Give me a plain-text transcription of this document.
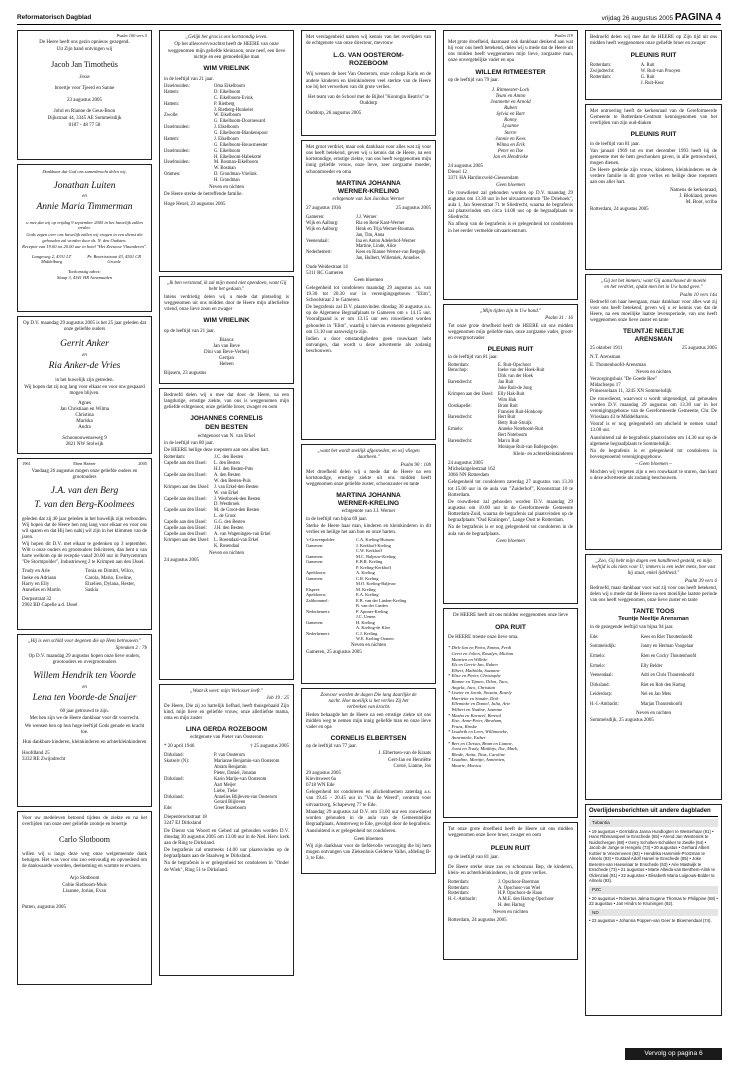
Reformatorisch Dagblad	vrijdag 26 augustus 2005 PAGINA 4
Psalm 100 vers 5

De Heere heeft ons gezin opnieuw gezegend.

Uit Zijn hand ontvingen wij

Jacob Jan Timotheüs

Jesse

broertje voor Tjeerd en Sanne

23 augustus 2005

Johri en Rianne de Geus-Boon

Dijkstraat 44, 3345 AE Sommelsdijk

0187 - 48 77 58

Dankbaar dat God ons samenbracht delen wij,

Jonathan Luiten

en

Annie Maria Timmerman

u mee,dat wij op vrijdag 9 september 2005 in het huwelijk zullen treden.

Gods zegen over ons huwelijk zullen wij vragen in een dienst die gehouden zal worden door ds. N. den Oudsten.

Receptie van 19.00 tot 20.00 uur in hotel "Het Zeeuwse Vlaanderen".

Langeweg 2, 4331 LT Middelburg
Pr. Beatrixstraat 43, 4501 CR Groede

Toekomstig adres:

Slaap 3, 4341 HR Arnemuiden

Op D.V. maandag 29 augustus 2005 is het 25 jaar geleden dat onze geliefde ouders

Gerrit Anker

en

Ria Anker-de Vries

in het huwelijk zijn getreden.

Wij hopen dat zij nog lang voor elkaar en voor ons gespaard mogen blijven.

Agnes
Jan Christiaan en Wilma
Christina
Mariska
Andra

Schoonouwenseweg 9
2821 NW Stolwijk

1961	Eben Haëzer	2005

Vandaag 26 augustus mogen onze geliefde ouders en grootouders

J.A. van den Berg

T. van den Berg-Koolmees

geleden dat zij 40 jaar geleden in het huwelijk zijn verbonden. Wij hopen dat de Heere hen nog lang voor elkaar en voor ons wil sparen en dat Hij hen nabij wil zijn in het klimmen van de jaren.

Wij hopen dit D.V. met elkaar te gedenken op 3 september. Wilt u onze ouders en grootouders feliciteren, dan bent u van harte welkom op de receptie vanaf 20.00 uur in Partycentrum "De Stormpolder", Industrieweg 2 te Krimpen aan den IJssel.

Trudy en Arie
Ineke en Adriaan
Harry en Elly
Annelies en Martin
Tonia en Dimitri, Wilco, Carola, Mario, Eveline, Elzelien, Dylana, Hester, Saskia

Dorpsstraat 32
2902 BD Capelle a.d. IJssel

„Hij is een schild voor degenen die op Hem betrouwen."

Spreuken 2 : 7b

Op D.V. maandag 29 augustus hopen onze lieve ouders, grootouders en overgrootouders

Willem Hendrik ten Voorde

en

Lena ten Voorde-de Snaijer

60 jaar getrouwd te zijn.

Met hen zijn we de Heere dankbaar voor dit voorrecht.

We wensen hen op hun hoge leeftijd Gods genade en kracht toe.

Hun dankbare kinderen, kleinkinderen en achterkleinkinderen

Hoofdland 25
3332 RE Zwijndrecht

Voor uw medeleven betoond tijdens de ziekte en na het overlijden van onze zeer geliefde zoontje en broertje

Carlo Slotboom

willen wij u langs deze weg onze welgemeende dank betuigen. Het was voor ons zoo eenvoudig en opvoedend om de dankwaarde woorden, deelneming en warmte te ervaren.

Arjo Slotboom
Cobie Slotboom-Muis
Lisanne, Jorian, Evan

Putten, augustus 2005

„Gelijk het gras is ons kortstondig leven.

Op het allesovervwachtst heeft de HEERE van onze weggenomen mijn geliefde kleinzoon, onze neef, een lieve nichtje en een gemoedelijke man

WIM VRIELINK

in de leeftijd van 21 jaar.

IJsselmuiden:	Oma Eikelboom
Hattem:	D. Eikelboom
C. Eikelboom-Evink
Hattem:	P. Rietberg
J. Rietberg-Hunkeler
Zwolle:	W. Eikelboom
G. Eikelboom-Doorneward
IJsselmuiden:	J. Eikelboom
G. Eikelboom-Blankenspoor
Hattem:	J. Eikelboom
G. Eikelboom-Bouwmeester
IJsselmuiden:	G. Eikelboom
H. Eikelboom-Habekotté
IJsselmuiden:	M. Bosman-Eikelboom
W. Bosman
Ommen:	D. Grondman-Vrielink
H. Grondman

Neven en nichten

De Heere sterke de betreffende familie.

Hoge Hexel, 23 augustus 2005

„Ik ben verstomd, ik zal mijn mond niet opendoen, want Gij hebt het gedaan."

Intens verdrietig delen wij u mede dat plotseling is weggenomen uit ons midden door de Heere mijn allerliefste vriend, onze lieve zoon en zwager

WIM VRIELINK

op de leeftijd van 21 jaar.

Bianca
Jan van Beve
Dini van Beve-Verheij
Gertjan
Heleen

Bijssem, 23 augustus

Bedroefd delen wij u mee dat door de Heere, na een langdurige, ernstige ziekte, van ons is weggenomen mijn geliefde echtgenoot, onze geliefde broer, zwager en oom

JOHANNES CORNELIS

DEN BESTEN

echtgenoot van N. van Erkel

in de leeftijd van 80 jaar.

De HEERE heilige deze roepstem aan ons allen hart.

Rotterdam:	J.C. den Besten
Capelle aan den IJssel:	L. den Besten
H.J. den Besten-Puts
Capelle aan den IJssel:	A. den Besten
W. den Besten-Puls
Krimpen aan den IJssel:	J. van Erkel-den Besten
W. van Erkel
Capelle aan den IJssel:	J. Westbroek-den Besten
D. Westbroek
Capelle aan den IJssel:	M. de Groot-den Besten
L. de Groot
Capelle aan den IJssel:	G.G. den Besten
Capelle aan den IJssel:	J.H. den Besten
Capelle aan den IJssel:	A. van Wageningen-van Erkel
Krimpen aan den IJssel:	L. Rosendaal-van Erkel
K. Rosendaal

Neven en nichten

24 augustus 2005

„Want ik weet: mijn Verlosser leeft."

Job 19 : 25

De Heere, Die zij zo hartelijk liefhad, heeft thuisgehaald Zijn kind, mijn lieve en geliefde vrouw, onze allerliefste mama, oma en mijn zuster

LINA GERDA ROZEBOOM

echtgenote van Pieter van Oosterom

* 20 april 1946	† 25 augustus 2005
Dirksland:	P. van Oosterom
Skotselv (N):	Marianne Benjamin-van Oosterom
Abram Benjamin
Pieter, Daniel, Jonatan
Dirksland:	Karin Marije-van Oosterom
Aart Meijer
Liebe, Tieke
Dirksland:	Annelies Blijleven-van Oosterom
Gerard Blijleven
Ede:	Greet Rozeboom

Diepenbrockstraat 18
3247 EJ Dirksland

De Dienst van Woord en Gebed zal gehouden worden D.V. dinsdag 30 augustus 2005 om 13.00 uur in de Ned. Herv. kerk aan de Ring te Dirksland.

De begrafenis zal omstreeks 14.00 uur plaatsvinden op de begraafplaats aan de Staalweg te Dirksland.

Na de begrafenis is er gelegenheid tot condoleren in "Onder de Wiek", Ring 51 te Dirksland.

Met verslagenheid namen wij kennis van het overlijden van de echtgenote van onze directeur, mevrouw

L.G. VAN OOSTEROM-

ROZEBOOM

Wij wensen de heer Van Oosterom, onze collega Karin en de andere kinderen en kleinkinderen veel sterkte van de Heere toe bij het verwerken van dit grote verlies.

Het team van de School met de Bijbel "Koningin Beatrix" te Ouddorp

Ouddorp, 26 augustus 2005

Met groot verdriet, maar ook dankbaar voor alles wat zij voor ons heeft betekend, geven wij u kennis dat de Heere, na een kortstondige, ernstige ziekte, van ons heeft weggenomen mijn innig geliefde vrouw, onze lieve, zeer zorgzame moeder, schoonmoeder en oma

MARTINA JOHANNA

WERNER-KRELING

echtgenote van Jan Jacobus Werner

27 augustus 1936	25 augustus 2005
Gameren:	J.J. Werner
Wijk en Aalburg:	Ria en René Kant-Werner
Wijk en Aalburg:	Henk en Trija Werner-Bouman
Jan, Tim, Anna
Veenendaal:	Ina en Anton Adelerhof-Werner
Martine, Linde, Alice
Nederhemert:	Kees en Rianne Werner-van Bergeijk
Jan, Huibert, Willemiek, Annelies

Oude Weidestraat 14
5311 RC Gameren

Geen bloemen

Gelegenheid tot condoleren maandag 29 augustus a.s. van 19.30 tot 20.30 uur in verenigingsgebouw "Elim", Schoolstraat 2 te Gameren.

De begrafenis zal D.V. plaatsvinden dinsdag 30 augustus a.s. op de Algemene Begraafplaats te Gameren om ± 14.15 uur. Voorafgaand is er om 13.15 uur een rouwdienst worden gehouden in "Elim", waarbij u hiervan eveneens gelegenheid om 13.10 uur aanwezig te zijn.

Indien u door omstandigheden geen rouwkaart hebt ontvangen, dan wordt u deze advertentie als zodanig beschouwen.

„want het wordt snellijk afgesneden, en wij vliegen daarheen."

Psalm 90 : 10b

Met droefheid delen wij u mede dat de Heere na een kortstondige, ernstige ziekte uit ons midden heeft weggenomen onze geliefde zuster, schoonzuster en tante

MARTINA JOHANNA

WERNER-KRELING

echtgenote van J.J. Werner

in de leeftijd van bijna 69 jaar.

Sterke de Heere haar man, kinderen en kleinkinderen in dit verlies en heilige het aan hun en onze harten.

's-Gravenpolder:	C.A. Kreling-Huissen
Gameren:	J. Kerkhoff-Kreling
C.W. Kerkhoff
Gameren:	M.C. Baljeuw-Kreling
Gameren:	E.B.R. Kreling
P. Kreling-Kerkhoff
Apeldoorn:	A. Kreling
Gameren:	C.R. Kreling
M.O. Kreling-Baljeuw
Elspeet:	M. Kreling
Apeldoorn:	E.A. Kreling
Zaltbommel:	E.R. van der Linden-Kreling
B. van der Linden
Nederhemert:	P. Aponer-Kreling
J.C. Uenen
Gameren:	H. Kreling
A. Kreling-de Kloe
Nederhemert:	C.J. Kreling
W.E. Kreling-Oomen

Neven en nichten

Gameren, 25 augustus 2005

Zoovoor worden de dagen Die lang daarlijke de nacht. Hoe moeilijk is het verlies Zij het verbreken van kracht.

Heden behaagde het de Heere na een ernstige ziekte uit ons midden weg te nemen mijn innig geliefde man en onze lieve vader en opa

CORNELIS ELBERTSEN

op de leeftijd van 77 jaar.

J. Elbertsen-van de Kraats
Gert-Jan en Henriëtte
Corné, Lianne, Jos

29 augustus 2005
Kievitsweet 6a
6718 WN Ede

Gelegenheid tot condoleren en afscheidnemen zaterdag a.s. van 19.45 – 20.45 uur in "Van de Weerd", centrum voor uitvaartzorg, Schapeweg 77 te Ede.

Maandag 29 augustus zal D.V. om 13.00 uur een rouwdienst worden gehouden in de aula van de Gemeentelijke Begraafplaats, Amsterweg te Ede, gevolgd door de begrafenis.

Aansluitend is er gelegenheid tot condoleren.

Geen bloemen

Wij zijn dankbaar voor de liefdevolle verzorging die bij hem mogen ontvangen van Ziekenhuis Gelderse Vallei, afdeling B-3, te Ede.

Psalm 119

Met grote droefheid, daarnaast ook dankbaar denkend aan wat hij voor ons heeft betekend, delen wij u mede dat de Heere uit ons midden heeft weggenomen mijn lieve, zorgzame man, onze onvergetelijke vader en opa

WILLEM RITMEESTER

op de leeftijd van 79 jaar.

J. Ritmeester-Lock
Teuni en Anton
Jeannette en Arnold
Ruben
Sylvia en Bart
Ronny
Lysanne
Sterre
Jannie en Kees
Wilma en Erik
Peter en Ilse
Jan en Hendrieke

24 augustus 2005
Diesel 12
3371 HA Hardinxveld-Giessendam

Geen bloemen

De rouwdienst zal gehouden worden op D.V. maandag 29 augustus om 13.30 uur in het uitvaartcentrum "De Driehoek", aula 1, Jan Steenstraat 71 te Sliedrecht, waarna de begrafenis zal plaatsvinden om circa 14.00 uur op de begraafplaats te Sliedrecht.

Na afloop van de begrafenis is er gelegenheid tot condoleren in het eerder vermelde uitvaartcentrum.

„Mijn tijden zijn in Uw hand."

Psalm 31 : 16

Tot onze grote droefheid heeft de HEERE uit ons midden weggenomen mijn geliefde man, onze zorgzame vader, groot- en overgrootvader

PLEUNIS RUIT

in de leeftijd van 81 jaar.

Rotterdam:	E. Ruit-Opschoor
Benschop:	Ineke van der Hoek-Ruit
Dirk van der Hoek
Barendrecht:	Jan Ruit
Joke Ruit-de Jong
Krimpen aan den IJssel:	Elly Hak-Ruit
Wim Hak
Oostkapelle:	Bram Ruit
Fransien Ruit-Honkoop
Barendrecht:	Bert Ruit
Betty Ruit-Struijk
Ermelo:	Anneke Noteboom-Ruit
Bert Noteboom
Barendrecht:	Marco Ruit
Monique Ruit-van Ballegooijen

Klein- en achterkleinkinderen

24 augustus 2005
Michelangelostraat 162
3066 NN Rotterdam

Gelegenheid tot condoleren zaterdag 27 augustus van 13.30 tot 15.00 uur in de aula van "Zuiderhof", Kroonstraat 10 te Rotterdam.

De rouwdienst zal gehouden worden D.V. maandag 29 augustus om 10.00 uur in de Gereformeerde Gemeente Rotterdam-Zuid, waarna de begrafenis zal plaatsvinden op de begraafplaats "Oud Kralingen", Lange Oost te Rotterdam.

Na de begrafenis is er nog gelegenheid tot condoleren in de aula van de begraafplaats.

Geen bloemen

De HEERE heeft uit ons midden weggenomen onze lieve

OPA RUIT

De HEERE troeste onze lieve oma.

* Dirk-Jan en Petra, Emma, Ferdi
Geert en Jolien, Rosalyn, Michan
Maarten en Willeke
Els en Gerrit-Jan, Ruben
Elbert, Mathilda, Suzanne
* Elise en Pieter, Christophe
Rianne en Tijmen, Dilon, Taco,
Angela, Jaco, Christian
* Lisette en Jacob, Siosaia, Rosely
Harriëtte en Sander, Dirk
Ellemieke en Daniel, Julia, Arie
Wilbert en Nadine, Jasmine
* Masha en Korneel, Berend
Eise, Anne-Peter, Abraham,
Frans, Rinske
* Lisabeth en Leen, Willianneke,
Annemieke, Esther
* Bert en Christa, Bram en Lianne,
Joost en Trudy, Matthijs, Ilse, Mark,
Rhode, Anita, Titus, Caroline
* Lisadine, Martijn, Annemien,
Maurie, Monica

Tot onze grote droefheid heeft de Heere uit ons midden weggenomen onze lieve broer, zwager en oom

PLEUN RUIT

op de leeftijd van 81 jaar.

De Heere sterke onze zus en schoonzus Bep, de kinderen, klein- en achterkleinkinderen, in dit grote verlies.

Rotterdam:	J. Opschoor-Boerman
Rotterdam:	A. Opschoor-van Wiel
Rotterdam:	H.P. Opschoor-de Haan
H.-I.-Ambacht:	A.M.E. den Hartog-Opschoor
H. den Hartog

Neven en nichten

Rotterdam, 24 augustus 2005

Bedroefd delen wij mee dat de HEERE op Zijn tijd uit ons midden heeft weggenomen onze geliefde broer en zwager

PLEUNIS RUIT

Rotterdam:	A. Ruit
Zwijndrecht:	W. Ruit-van Prooyen
Rotterdam:	G. Ruit
J. Ruit-Keur

Met ontroering heeft de kerkenraad van de Gereformeerde Gemeente te Rotterdam-Centrum kennisgenomen van het overlijden van zijn oud-diaken

PLEUNIS RUIT

in de leeftijd van 81 jaar.

Van januari 1969 tot en met december 1993 heeft hij de gemeente met de hem geschonken gaven, in alle getrouwheid, mogen dienen.

De Heere gedenke zijn vrouw, kinderen, kleinkinderen en de verdere familie in dit grote verlies en heilige deze roepstem aan ons aller hart.

Namens de kerkenraad,
J. Blokland, preses
M. Boot, scriba

Rotterdam, 24 augustus 2005

„Gij zet het immers; want Gij aanschouwt de moeite en het verdriet, opdat men het in Uw hand geve."

Psalm 10 vers 14a

Bedroefd om haar heengaan, maar dankbaar voor alles wat zij voor ons heeft betekend, geven wij u er kennis van dat de Heere, na een moeilijke laatste levensperiode, van ons heeft weggenomen onze lieve zuster en tante

TEUNTJE NEELTJE

ARENSMAN

25 oktober 1911	25 augustus 2005

N.T. Arensman

E. Thoutenhoofd-Arensman

Neven en nichten

Verzorgingshuis "De Goede Ree"
Midachsepu 17
Prinsesselaan 11, 3245 XN Sommelsdijk

De rouwdienst, waarvoor u wordt uitgenodigd, zal gehouden worden D.V. maandag 29 augustus om 13.30 uur in het verenigingsgebouw van de Gereformeerde Gemeente, Chr. De Vrieslaan 43 te Middelharnis.

Vooraf is er nog gelegenheid om afscheid te nemen vanaf 13.00 uur.

Aansluitend zal de begrafenis plaatsvinden om 14.30 uur op de algemene begraafplaats te Sommelsdijk.

Na de begrafenis is er gelegenheid tot condoleren in bovengenoemd verenigingsgebouw.

~ Geen bloemen ~

Mochten wij vergeten zijn u een rouwkaart te sturen, dan kunt u deze advertentie als zodanig beschouwen.

„Zoo, Gij hebt mijn dagen een handbreed gesteld, en mijn leeftijd is als niets voor U; immers is een ieder mens, hoe vast hij staat, enkel ijdelheid."

Psalm 39 vers 6

Bedroefd, maar dankbaar voor wat zij voor ons heeft betekend, delen wij u mede dat de Heere na een moeilijke laatste periode van ons heeft weggenomen, onze lieve zuster en tante

TANTE TOOS

Teuntje Neeltje Arensman

in de gezegende leeftijd van bijna 94 jaar.

Ede:	Kees en Riet Thoutenhoofd
Sommelsdijk:	Janny en Herman Voogelaar
Ermelo:	Rien en Cocky Thoutenhoofd
Ermelo:	Elly Belder
Veenendaal:	Adri en Chris Thoutenhoofd
Dirksland:	Riet en Rob den Hartog
Leiderdorp:	Nel en Jan Mets
H.-I.-Ambacht:	Marjan Thoutenhoofd

Neven en nichten

Sommelsdijk, 25 augustus 2005

Overlijdensberichten uit andere dagbladen
Tubantia
• 19 augustus • Gerritdina Janna Hundlogten te Westerhaar (81) • Hans Ribmanspeel te Enschede (65) • Arend Jan Westenink te Nuidschergen (88) • Gerry Scholten-Schokker te Zwolle (64) • Jacob de Jonge te Hengelo (73) • 20 augustus • Gerhard Albert Kottier te Vriezenveen (82) • Hendrika Hammink-Protzman te Almelo (93) • Gustaaf Adolf Hamel te Enschede (85) • Joke Besems-van Haeselaar te Enschede (53) • Arie Mastwijk te Enschede (73) • 21 augustus • Marte Alleida van Benthem-Alink te Oldenzaal (91) • 22 augustus • Elisabeth Maria Luijpouw-Bolder te Almelo (93).
PZC
• 20 augustus • Robertus Jalma Eugene Thomas te Philippine (58) • 22 augustus • Jan Hindrs te Kruiningen (92).
ND
• 23 augustus • Johanna Poppen-van Geer te Bloemendaal (74).
Vervolg op pagina 6
